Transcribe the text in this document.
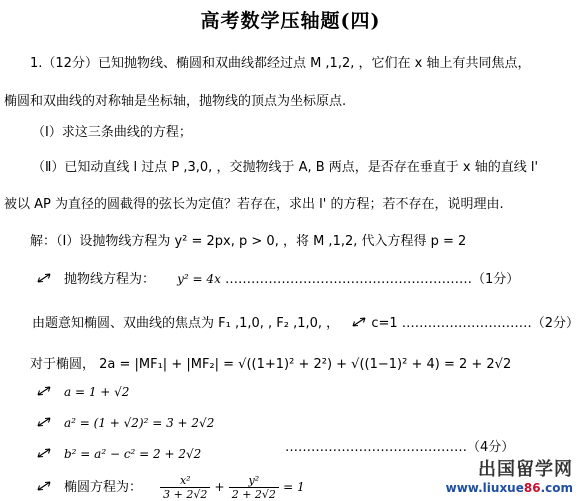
高考数学压轴题(四)
1.（12分）已知抛物线、椭圆和双曲线都经过点 M ,1,2, ，它们在 x 轴上有共同焦点，
椭圆和双曲线的对称轴是坐标轴，抛物线的顶点为坐标原点.
（Ⅰ）求这三条曲线的方程；
（Ⅱ）已知动直线 l 过点 P ,3,0, ，交抛物线于 A, B 两点，是否存在垂直于 x 轴的直线 l'
被以 AP 为直径的圆截得的弦长为定值？若存在，求出 l' 的方程；若不存在，说明理由.
解：（Ⅰ）设抛物线方程为 y² = 2px, p > 0, ，将 M ,1,2, 代入方程得 p = 2
抛物线方程为： y² = 4x …………………………………………………（1分）
由题意知椭圆、双曲线的焦点为 F₁ ,1,0, , F₂ ,1,0, ， c=1 …………………………（2分）
对于椭圆， 2a = |MF₁| + |MF₂| = √((1+1)² + 2²) + √((1−1)² + 4) = 2 + 2√2
a = 1 + √2
a² = (1 + √2)² = 3 + 2√2
b² = a² − c² = 2 + 2√2	……………………………………（4分）
椭圆方程为： $\frac{\text{x²}}{3 + 2√2} + \frac{\text{y²}}{2 + 2√2} = 1$
出国留学网
www.liuxue86.com
